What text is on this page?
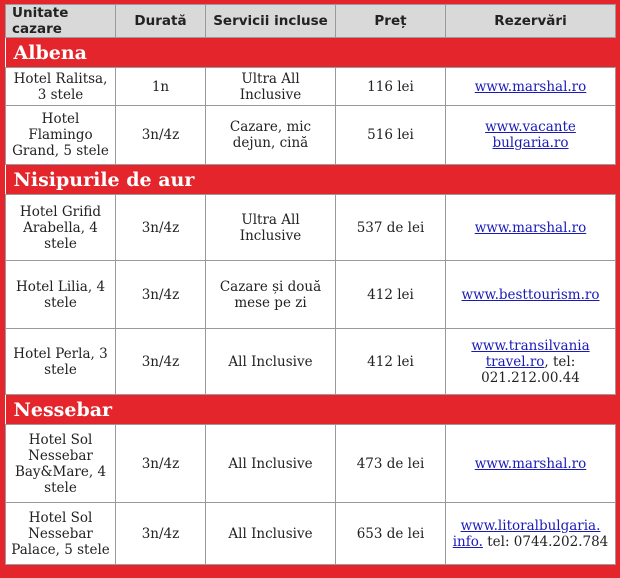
Unitate cazare	Durată	Servicii incluse	Preț	Rezervări
Albena				
Hotel Ralitsa, 3 stele	1n	Ultra All Inclusive	116 lei	www.marshal.ro
Hotel Flamingo Grand, 5 stele	3n/4z	Cazare, mic dejun, cină	516 lei	www.vacante bulgaria.ro
Nisipurile de aur				
Hotel Grifid Arabella, 4 stele	3n/4z	Ultra All Inclusive	537 de lei	www.marshal.ro
Hotel Lilia, 4 stele	3n/4z	Cazare și două mese pe zi	412 lei	www.besttourism.ro
Hotel Perla, 3 stele	3n/4z	All Inclusive	412 lei	www.transilvania travel.ro, tel: 021.212.00.44
Nessebar				
Hotel Sol Nessebar Bay&Mare, 4 stele	3n/4z	All Inclusive	473 de lei	www.marshal.ro
Hotel Sol Nessebar Palace, 5 stele	3n/4z	All Inclusive	653 de lei	www.litoralbulgaria. info. tel: 0744.202.784
